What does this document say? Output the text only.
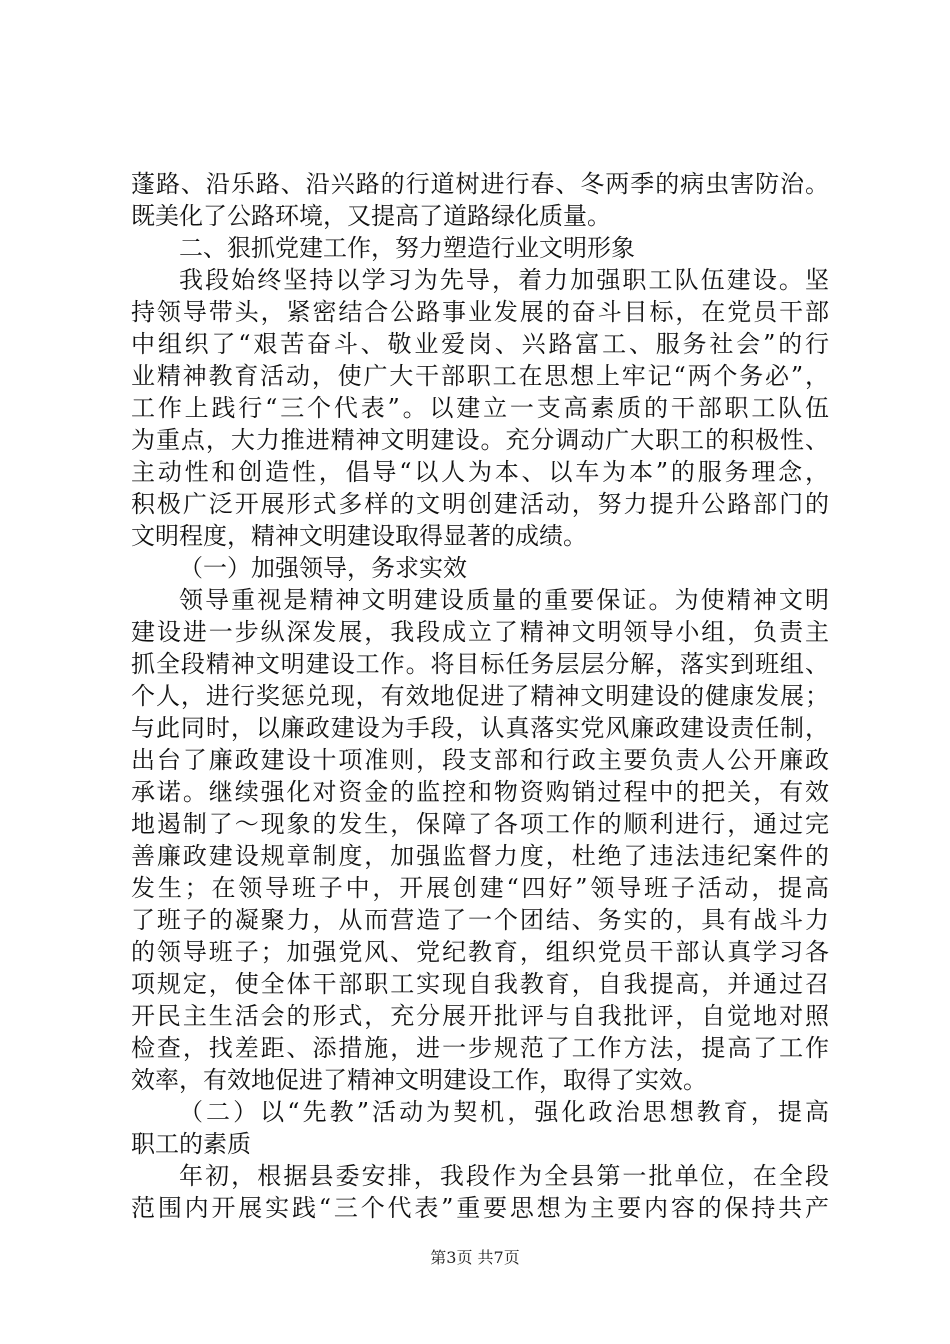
蓬路、沿乐路、沿兴路的行道树进行春、冬两季的病虫害防治。
既美化了公路环境，又提高了道路绿化质量。
二、狠抓党建工作，努力塑造行业文明形象
我段始终坚持以学习为先导，着力加强职工队伍建设。坚
持领导带头，紧密结合公路事业发展的奋斗目标，在党员干部
中组织了“艰苦奋斗、敬业爱岗、兴路富工、服务社会”的行
业精神教育活动，使广大干部职工在思想上牢记“两个务必”，
工作上践行“三个代表”。以建立一支高素质的干部职工队伍
为重点，大力推进精神文明建设。充分调动广大职工的积极性、
主动性和创造性，倡导“以人为本、以车为本”的服务理念，
积极广泛开展形式多样的文明创建活动，努力提升公路部门的
文明程度，精神文明建设取得显著的成绩。
（一）加强领导，务求实效
领导重视是精神文明建设质量的重要保证。为使精神文明
建设进一步纵深发展，我段成立了精神文明领导小组，负责主
抓全段精神文明建设工作。将目标任务层层分解，落实到班组、
个人，进行奖惩兑现，有效地促进了精神文明建设的健康发展；
与此同时，以廉政建设为手段，认真落实党风廉政建设责任制，
出台了廉政建设十项准则，段支部和行政主要负责人公开廉政
承诺。继续强化对资金的监控和物资购销过程中的把关，有效
地遏制了～现象的发生，保障了各项工作的顺利进行，通过完
善廉政建设规章制度，加强监督力度，杜绝了违法违纪案件的
发生；在领导班子中，开展创建“四好”领导班子活动，提高
了班子的凝聚力，从而营造了一个团结、务实的，具有战斗力
的领导班子；加强党风、党纪教育，组织党员干部认真学习各
项规定，使全体干部职工实现自我教育，自我提高，并通过召
开民主生活会的形式，充分展开批评与自我批评，自觉地对照
检查，找差距、添措施，进一步规范了工作方法，提高了工作
效率，有效地促进了精神文明建设工作，取得了实效。
（二）以“先教”活动为契机，强化政治思想教育，提高
职工的素质
年初，根据县委安排，我段作为全县第一批单位，在全段
范围内开展实践“三个代表”重要思想为主要内容的保持共产
第3页 共7页
